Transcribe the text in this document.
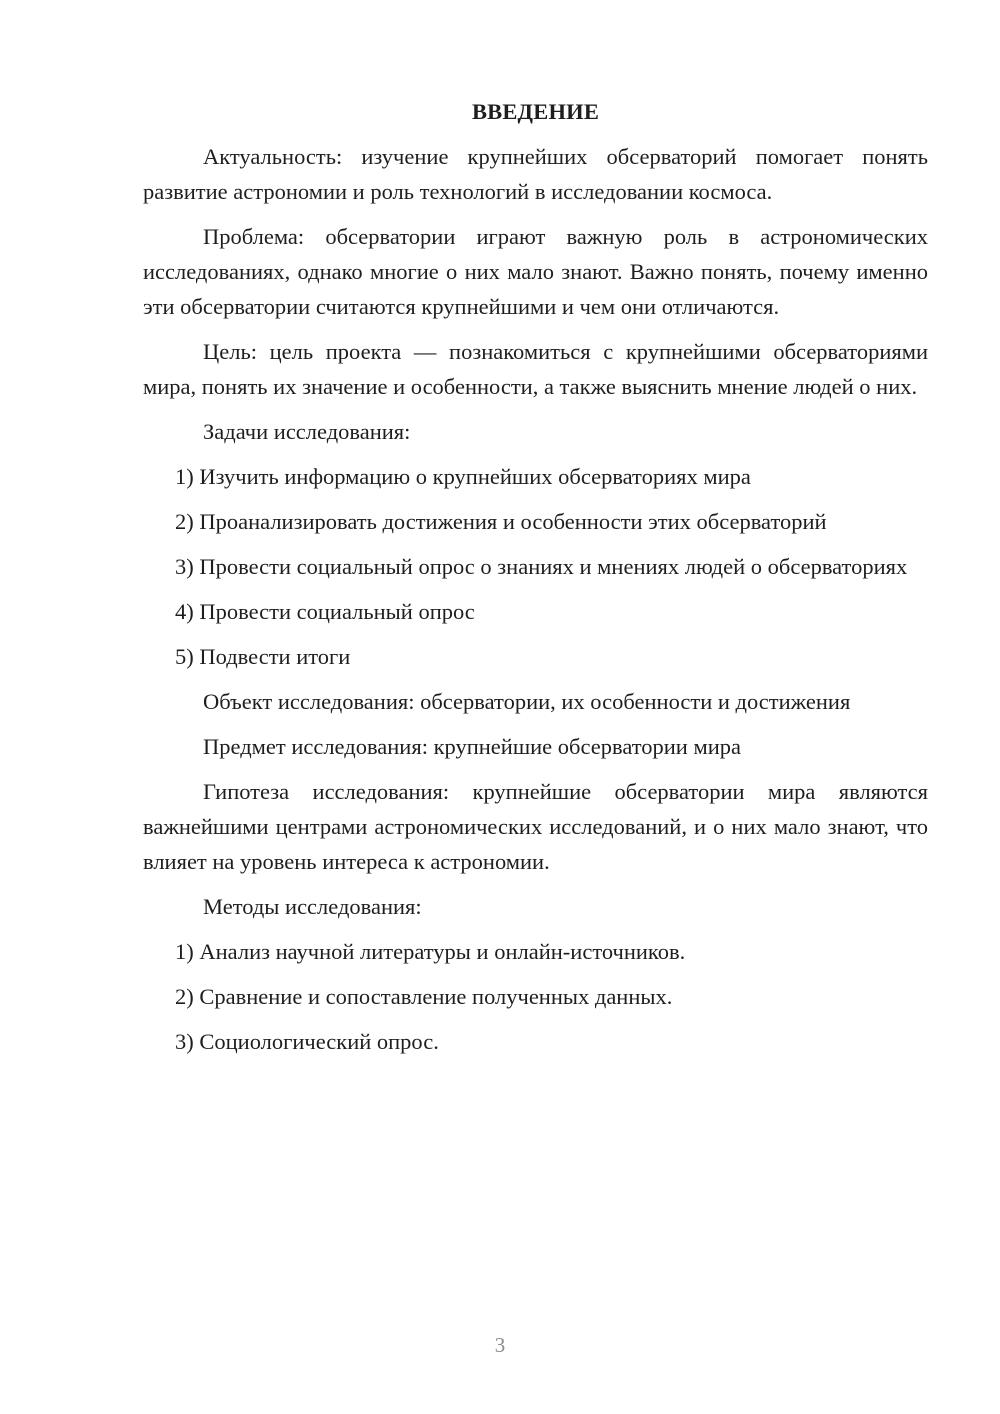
ВВЕДЕНИЕ

Актуальность: изучение крупнейших обсерваторий помогает понять развитие астрономии и роль технологий в исследовании космоса.

Проблема: обсерватории играют важную роль в астрономических исследованиях, однако многие о них мало знают. Важно понять, почему именно эти обсерватории считаются крупнейшими и чем они отличаются.

Цель: цель проекта — познакомиться с крупнейшими обсерваториями мира, понять их значение и особенности, а также выяснить мнение людей о них.

Задачи исследования:

1) Изучить информацию о крупнейших обсерваториях мира

2) Проанализировать достижения и особенности этих обсерваторий

3) Провести социальный опрос о знаниях и мнениях людей о обсерваториях

4) Провести социальный опрос

5) Подвести итоги

Объект исследования: обсерватории, их особенности и достижения

Предмет исследования: крупнейшие обсерватории мира

Гипотеза исследования: крупнейшие обсерватории мира являются важнейшими центрами астрономических исследований, и о них мало знают, что влияет на уровень интереса к астрономии.

Методы исследования:

1) Анализ научной литературы и онлайн-источников.

2) Сравнение и сопоставление полученных данных.

3) Социологический опрос.

3
